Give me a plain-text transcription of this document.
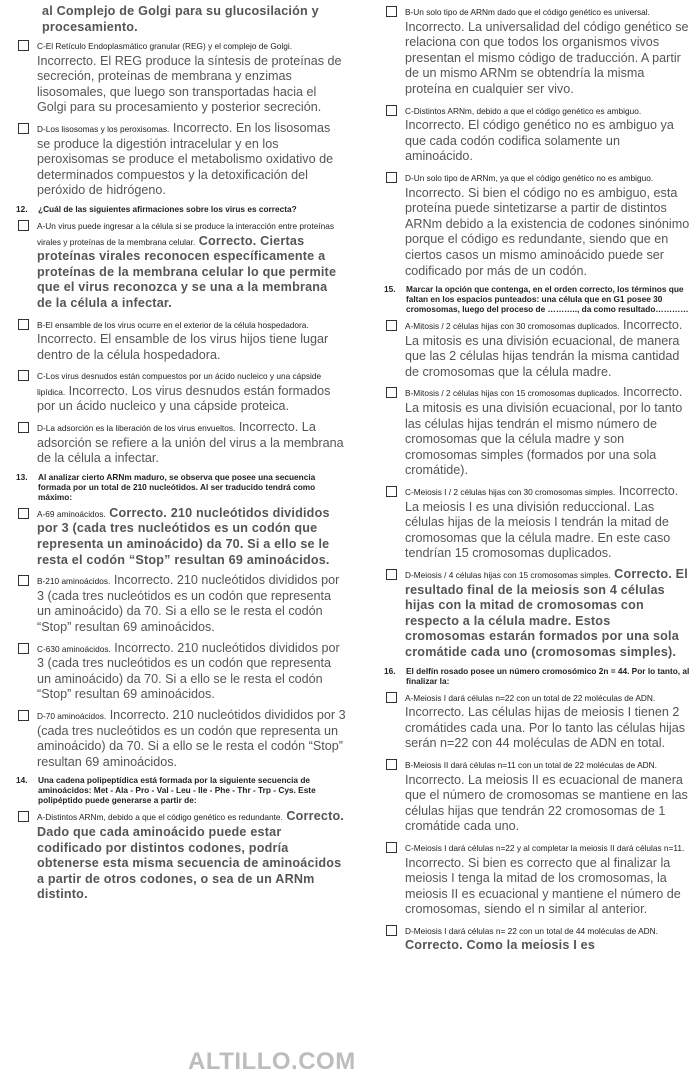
al Complejo de Golgi para su glucosilación y procesamiento.

C-El Retículo Endoplasmático granular (REG) y el complejo de Golgi. Incorrecto. El REG produce la síntesis de proteínas de secreción, proteínas de membrana y enzimas lisosomales, que luego son transportadas hacia el Golgi para su procesamiento y posterior secreción.
D-Los lisosomas y los peroxisomas. Incorrecto. En los lisosomas se produce la digestión intracelular y en los peroxisomas se produce el metabolismo oxidativo de determinados compuestos y la detoxificación del peróxido de hidrógeno.
12.	¿Cuál de las siguientes afirmaciones sobre los virus es correcta?
A-Un virus puede ingresar a la célula si se produce la interacción entre proteínas virales y proteínas de la membrana celular. Correcto. Ciertas proteínas virales reconocen específicamente a proteínas de la membrana celular lo que permite que el virus reconozca y se una a la membrana de la célula a infectar.
B-El ensamble de los virus ocurre en el exterior de la célula hospedadora. Incorrecto. El ensamble de los virus hijos tiene lugar dentro de la célula hospedadora.
C-Los virus desnudos están compuestos por un ácido nucleico y una cápside lipídica. Incorrecto. Los virus desnudos están formados por un ácido nucleico y una cápside proteica.
D-La adsorción es la liberación de los virus envueltos. Incorrecto. La adsorción se refiere a la unión del virus a la membrana de la célula a infectar.
13.	Al analizar cierto ARNm maduro, se observa que posee una secuencia formada por un total de 210 nucleótidos. Al ser traducido tendrá como máximo:
A-69 aminoácidos. Correcto. 210 nucleótidos divididos por 3 (cada tres nucleótidos es un codón que representa un aminoácido) da 70. Si a ello se le resta el codón “Stop” resultan 69 aminoácidos.
B-210 aminoácidos. Incorrecto. 210 nucleótidos divididos por 3 (cada tres nucleótidos es un codón que representa un aminoácido) da 70. Si a ello se le resta el codón “Stop” resultan 69 aminoácidos.
C-630 aminoácidos. Incorrecto. 210 nucleótidos divididos por 3 (cada tres nucleótidos es un codón que representa un aminoácido) da 70. Si a ello se le resta el codón “Stop” resultan 69 aminoácidos.
D-70 aminoácidos. Incorrecto. 210 nucleótidos divididos por 3 (cada tres nucleótidos es un codón que representa un aminoácido) da 70. Si a ello se le resta el codón “Stop” resultan 69 aminoácidos.
14.	Una cadena polipeptídica está formada por la siguiente secuencia de aminoácidos: Met - Ala - Pro - Val - Leu - Ile - Phe - Thr - Trp - Cys. Este polipéptido puede generarse a partir de:
A-Distintos ARNm, debido a que el código genético es redundante. Correcto. Dado que cada aminoácido puede estar codificado por distintos codones, podría obtenerse esta misma secuencia de aminoácidos a partir de otros codones, o sea de un ARNm distinto.
B-Un solo tipo de ARNm dado que el código genético es universal. Incorrecto. La universalidad del código genético se relaciona con que todos los organismos vivos presentan el mismo código de traducción. A partir de un mismo ARNm se obtendría la misma proteína en cualquier ser vivo.
C-Distintos ARNm, debido a que el código genético es ambiguo. Incorrecto. El código genético no es ambiguo ya que cada codón codifica solamente un aminoácido.
D-Un solo tipo de ARNm, ya que el código genético no es ambiguo. Incorrecto. Si bien el código no es ambiguo, esta proteína puede sintetizarse a partir de distintos ARNm debido a la existencia de codones sinónimo porque el código es redundante, siendo que en ciertos casos un mismo aminoácido puede ser codificado por más de un codón.
15.	Marcar la opción que contenga, en el orden correcto, los términos que faltan en los espacios punteados: una célula que en G1 posee 30 cromosomas, luego del proceso de ……….., da como resultado…………
A-Mitosis / 2 células hijas con 30 cromosomas duplicados. Incorrecto. La mitosis es una división ecuacional, de manera que las 2 células hijas tendrán la misma cantidad de cromosomas que la célula madre.
B-Mitosis / 2 células hijas con 15 cromosomas duplicados. Incorrecto. La mitosis es una división ecuacional, por lo tanto las células hijas tendrán el mismo número de cromosomas que la célula madre y son cromosomas simples (formados por una sola cromátide).
C-Meiosis I / 2 células hijas con 30 cromosomas simples. Incorrecto. La meiosis I es una división reduccional. Las células hijas de la meiosis I tendrán la mitad de cromosomas que la célula madre. En este caso tendrían 15 cromosomas duplicados.
D-Meiosis / 4 células hijas con 15 cromosomas simples. Correcto. El resultado final de la meiosis son 4 células hijas con la mitad de cromosomas con respecto a la célula madre. Estos cromosomas estarán formados por una sola cromátide cada uno (cromosomas simples).
16.	El delfín rosado posee un número cromosómico 2n = 44. Por lo tanto, al finalizar la:
A-Meiosis I dará células n=22 con un total de 22 moléculas de ADN. Incorrecto. Las células hijas de meiosis I tienen 2 cromátides cada una. Por lo tanto las células hijas serán n=22 con 44 moléculas de ADN en total.
B-Meiosis II dará células n=11 con un total de 22 moléculas de ADN. Incorrecto. La meiosis II es ecuacional de manera que el número de cromosomas se mantiene en las células hijas que tendrán 22 cromosomas de 1 cromátide cada uno.
C-Meiosis I dará células n=22 y al completar la meiosis II dará células n=11. Incorrecto. Si bien es correcto que al finalizar la meiosis I tenga la mitad de los cromosomas, la meiosis II es ecuacional y mantiene el número de cromosomas, siendo el n similar al anterior.
D-Meiosis I dará células n= 22 con un total de 44 moléculas de ADN. Correcto. Como la meiosis I es
ALTILLO.COM
